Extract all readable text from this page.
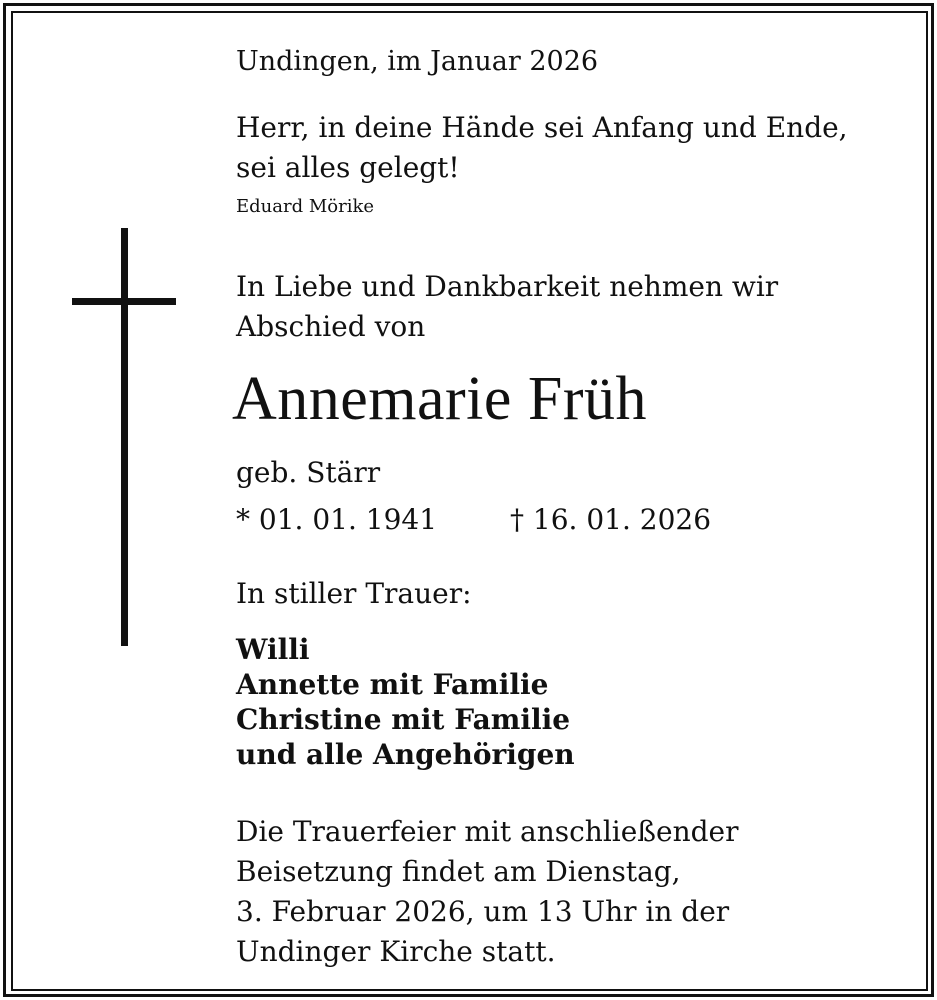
Undingen, im Januar 2026

Herr, in deine Hände sei Anfang und Ende,
sei alles gelegt!

Eduard Mörike

In Liebe und Dankbarkeit nehmen wir
Abschied von

Annemarie Früh

geb. Stärr

* 01. 01. 1941	† 16. 01. 2026

In stiller Trauer:

Willi
Annette mit Familie
Christine mit Familie
und alle Angehörigen
Die Trauerfeier mit anschließender
Beisetzung findet am Dienstag,
3. Februar 2026, um 13 Uhr in der
Undinger Kirche statt.
